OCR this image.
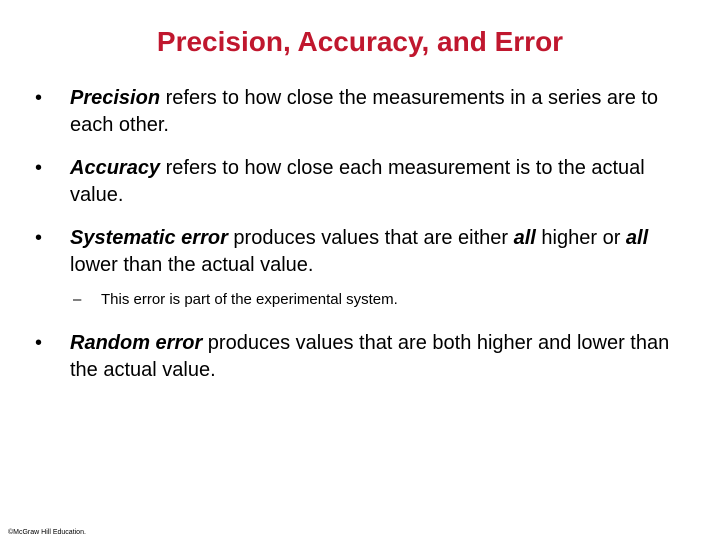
Precision, Accuracy, and Error
• Precision refers to how close the measurements in a series are to each other.
• Accuracy refers to how close each measurement is to the actual value.
• Systematic error produces values that are either all higher or all lower than the actual value.
– This error is part of the experimental system.
• Random error produces values that are both higher and lower than the actual value.
©McGraw Hill Education.
